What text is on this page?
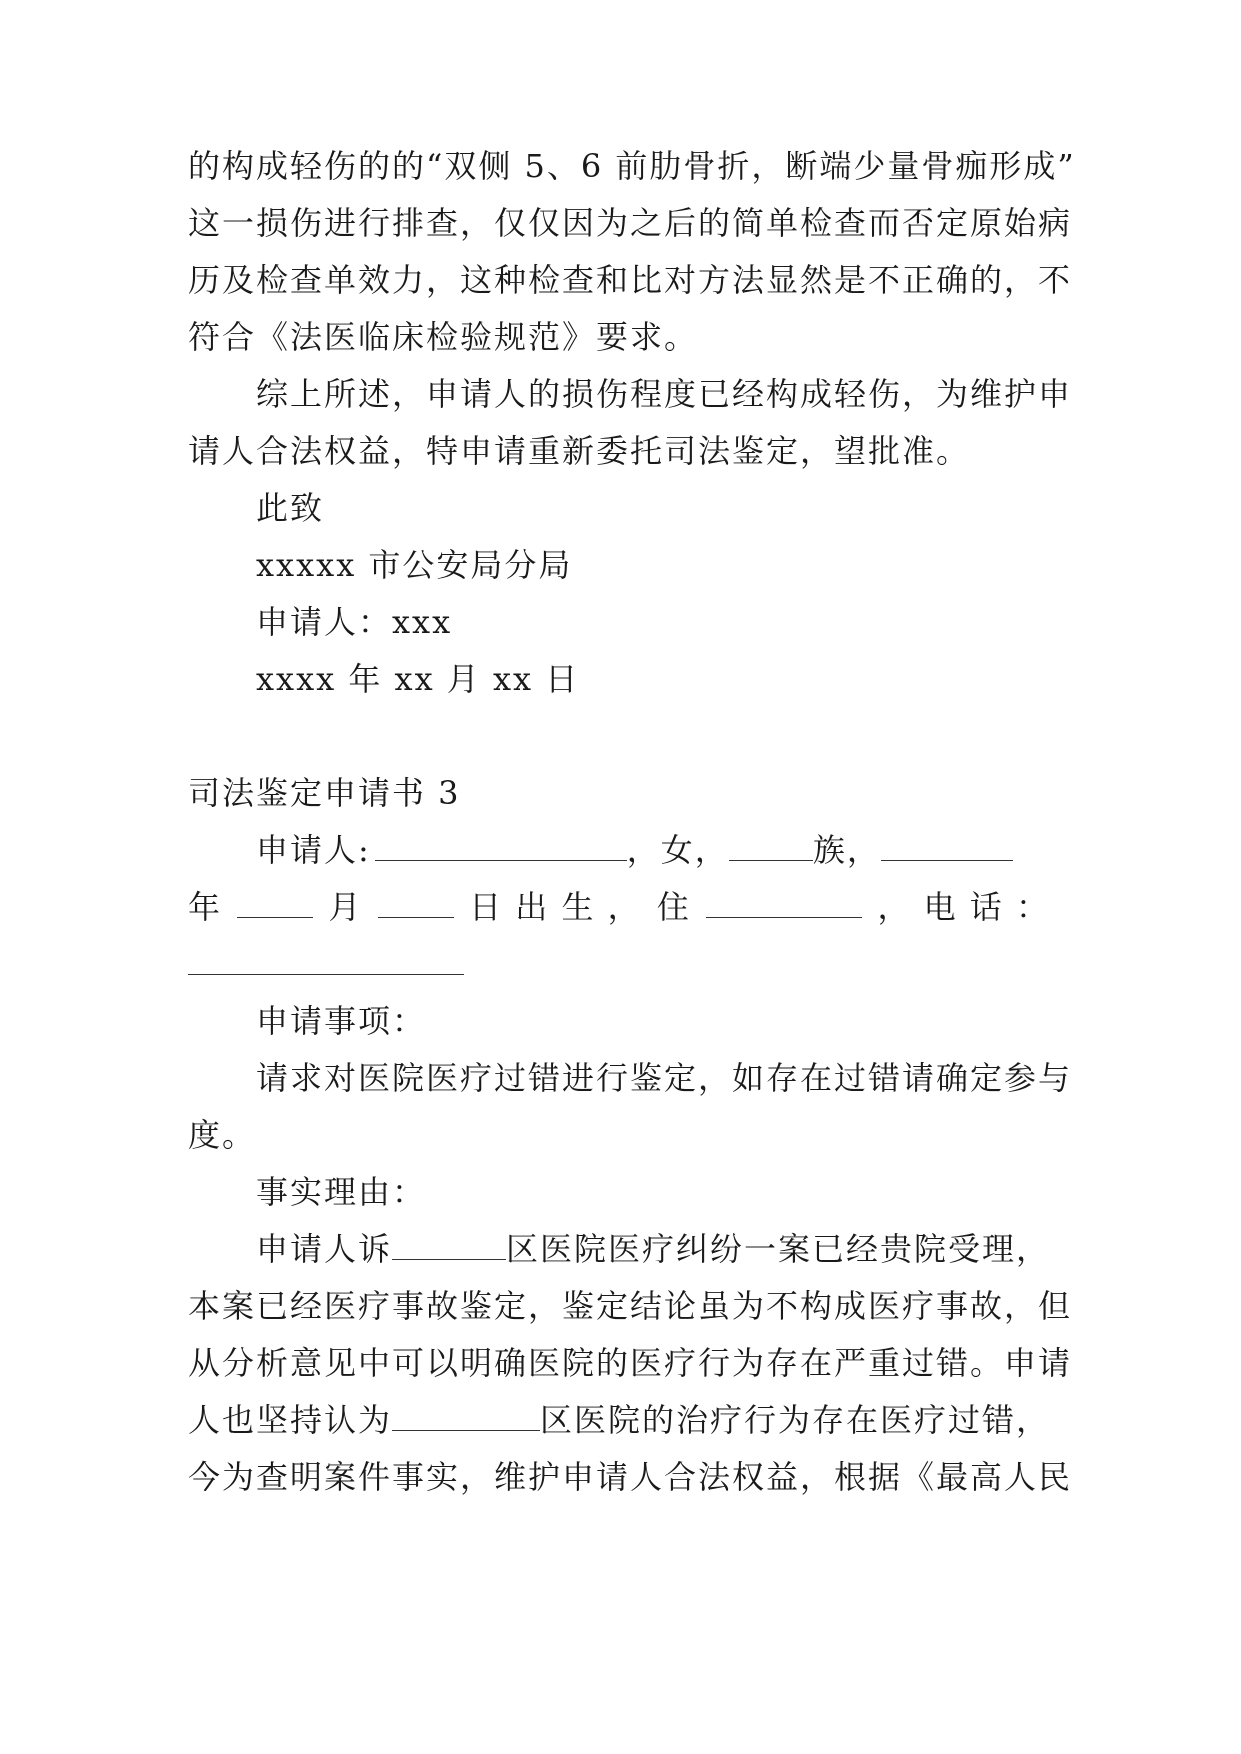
的构成轻伤的的“双侧 5、6 前肋骨折，断端少量骨痂形成”
这一损伤进行排查，仅仅因为之后的简单检查而否定原始病
历及检查单效力，这种检查和比对方法显然是不正确的，不
符合《法医临床检验规范》要求。
综上所述，申请人的损伤程度已经构成轻伤，为维护申
请人合法权益，特申请重新委托司法鉴定，望批准。
此致
xxxxx 市公安局分局
申请人：xxx
xxxx 年 xx 月 xx 日
司法鉴定申请书 3
申请人:	，女，	族，
年	月	日 出 生 ， 住	， 电 话 ：
申请事项：
请求对医院医疗过错进行鉴定，如存在过错请确定参与
度。
事实理由：
申请人诉	区医院医疗纠纷一案已经贵院受理，
本案已经医疗事故鉴定，鉴定结论虽为不构成医疗事故，但
从分析意见中可以明确医院的医疗行为存在严重过错。申请
人也坚持认为	区医院的治疗行为存在医疗过错，
今为查明案件事实，维护申请人合法权益，根据《最高人民
